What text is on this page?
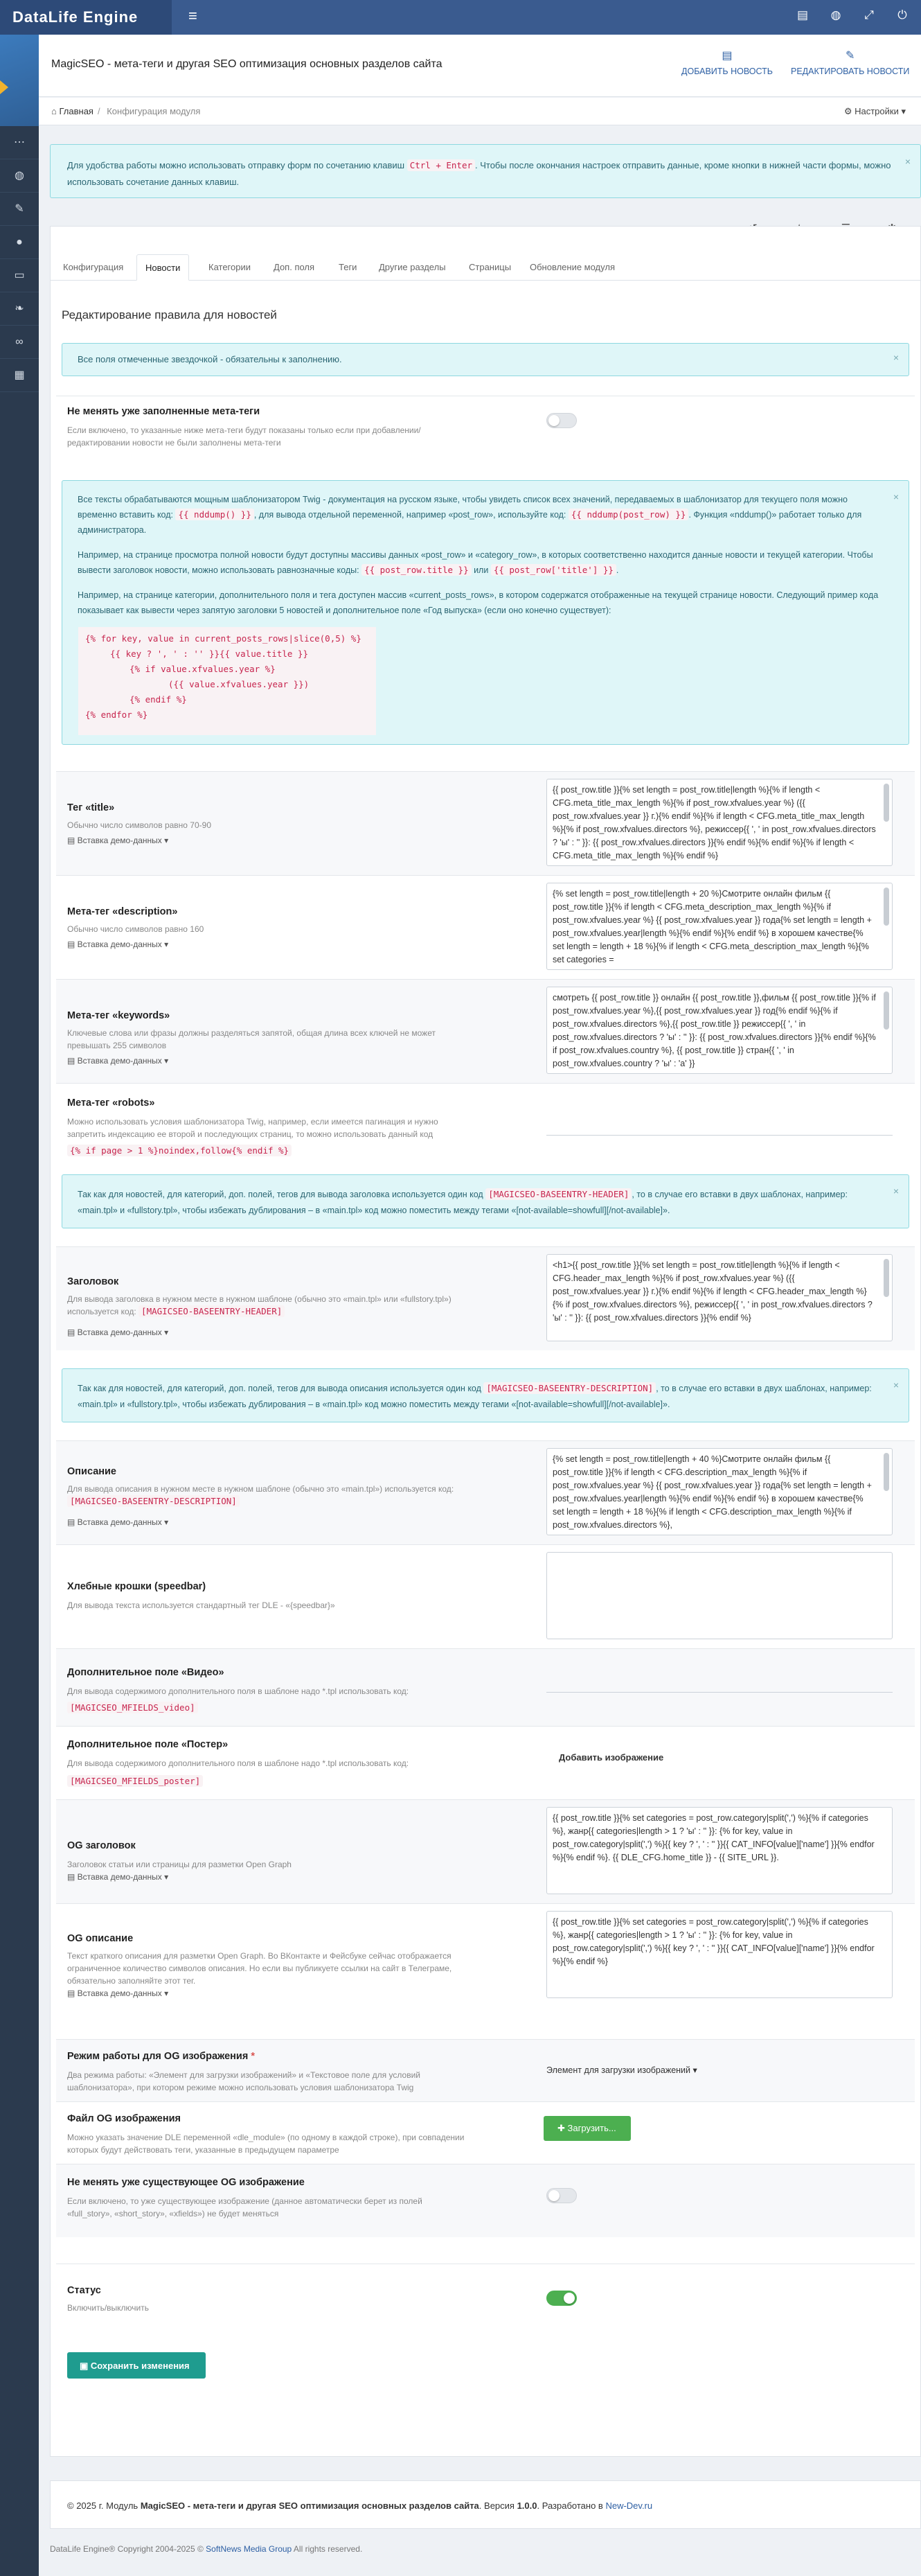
DataLife Engine	≡	▤ ◍ ⤢ ⏻
⋯
◍
✎
●
▭
❧
∞
▦
MagicSEO - мета-теги и другая SEO оптимизация основных разделов сайта
▤
ДОБАВИТЬ НОВОСТЬ
✎
РЕДАКТИРОВАТЬ НОВОСТИ
⌂ Главная / Конфигурация модуля	⚙ Настройки ▾
Для удобства работы можно использовать отправку форм по сочетанию клавиш Ctrl + Enter . Чтобы после окончания настроек отправить данные, кроме кнопки в нижней части формы, можно использовать сочетание данных клавиш.
×
Конфигурация	Новости	Категории	Доп. поля	Теги	Другие разделы	Страницы	Обновление модуля
Редактирование правила для новостей
Все поля отмеченные звездочкой - обязательны к заполнению.	×
Не менять уже заполненные мета-теги
Если включено, то указанные ниже мета-теги будут показаны только если при добавлении/редактировании новости не были заполнены мета-теги
×
Все тексты обрабатываются мощным шаблонизатором Twig - документация на русском языке, чтобы увидеть список всех значений, передаваемых в шаблонизатор для текущего поля можно временно вставить код: {{ nddump() }} , для вывода отдельной переменной, например «post_row», используйте код: {{ nddump(post_row) }} . Функция «nddump()» работает только для администратора.
Например, на странице просмотра полной новости будут доступны массивы данных «post_row» и «category_row», в которых соответственно находится данные новости и текущей категории. Чтобы вывести заголовок новости, можно использовать равнозначные коды: {{ post_row.title }} или {{ post_row['title'] }} .
Например, на странице категории, дополнительного поля и тега доступен массив «current_posts_rows», в котором содержатся отображенные на текущей странице новости. Следующий пример кода показывает как вывести через запятую заголовки 5 новостей и дополнительное поле «Год выпуска» (если оно конечно существует):
{% for key, value in current_posts_rows|slice(0,5) %}
{{ key ? ', ' : '' }}{{ value.title }}
{% if value.xfvalues.year %}
({{ value.xfvalues.year }})
{% endif %}
{% endfor %}
Тег «title»
Обычно число символов равно 70-90
▤ Вставка демо-данных ▾
{{ post_row.title }}{% set length = post_row.title|length %}{% if length < CFG.meta_title_max_length %}{% if post_row.xfvalues.year %} ({{ post_row.xfvalues.year }} г.){% endif %}{% if length < CFG.meta_title_max_length %}{% if post_row.xfvalues.directors %}, режиссер{{ ', ' in post_row.xfvalues.directors ? 'ы' : '' }}: {{ post_row.xfvalues.directors }}{% endif %}{% endif %}{% if length < CFG.meta_title_max_length %}{% endif %}
Мета-тег «description»
Обычно число символов равно 160
▤ Вставка демо-данных ▾
{% set length = post_row.title|length + 20 %}Смотрите онлайн фильм {{ post_row.title }}{% if length < CFG.meta_description_max_length %}{% if post_row.xfvalues.year %} {{ post_row.xfvalues.year }} года{% set length = length + post_row.xfvalues.year|length %}{% endif %}{% endif %} в хорошем качестве{% set length = length + 18 %}{% if length < CFG.meta_description_max_length %}{% set categories =
Мета-тег «keywords»
Ключевые слова или фразы должны разделяться запятой, общая длина всех ключей не может превышать 255 символов
▤ Вставка демо-данных ▾
смотреть {{ post_row.title }} онлайн {{ post_row.title }},фильм {{ post_row.title }}{% if post_row.xfvalues.year %},{{ post_row.xfvalues.year }} год{% endif %}{% if post_row.xfvalues.directors %},{{ post_row.title }} режиссер{{ ', ' in post_row.xfvalues.directors ? 'ы' : '' }}: {{ post_row.xfvalues.directors }}{% endif %}{% if post_row.xfvalues.country %}, {{ post_row.title }} стран{{ ', ' in post_row.xfvalues.country ? 'ы' : 'а' }}
Мета-тег «robots»
Можно использовать условия шаблонизатора Twig, например, если имеется пагинация и нужно запретить индексацию ее второй и последующих страниц, то можно использовать данный код
{% if page > 1 %}noindex,follow{% endif %}
Так как для новостей, для категорий, доп. полей, тегов для вывода заголовка используется один код [MAGICSEO-BASEENTRY-HEADER] , то в случае его вставки в двух шаблонах, например: «main.tpl» и «fullstory.tpl», чтобы избежать дублирования – в «main.tpl» код можно поместить между тегами «[not-available=showfull][/not-available]».
×
Заголовок
Для вывода заголовка в нужном месте в нужном шаблоне (обычно это «main.tpl» или «fullstory.tpl») используется код: [MAGICSEO-BASEENTRY-HEADER]
▤ Вставка демо-данных ▾
<h1>{{ post_row.title }}{% set length = post_row.title|length %}{% if length < CFG.header_max_length %}{% if post_row.xfvalues.year %} ({{ post_row.xfvalues.year }} г.){% endif %}{% if length < CFG.header_max_length %}{% if post_row.xfvalues.directors %}, режиссер{{ ', ' in post_row.xfvalues.directors ? 'ы' : '' }}: {{ post_row.xfvalues.directors }}{% endif %}
Так как для новостей, для категорий, доп. полей, тегов для вывода описания используется один код [MAGICSEO-BASEENTRY-DESCRIPTION] , то в случае его вставки в двух шаблонах, например: «main.tpl» и «fullstory.tpl», чтобы избежать дублирования – в «main.tpl» код можно поместить между тегами «[not-available=showfull][/not-available]».
×
Описание
Для вывода описания в нужном месте в нужном шаблоне (обычно это «main.tpl») используется код: [MAGICSEO-BASEENTRY-DESCRIPTION]
▤ Вставка демо-данных ▾
{% set length = post_row.title|length + 40 %}Смотрите онлайн фильм {{ post_row.title }}{% if length < CFG.description_max_length %}{% if post_row.xfvalues.year %} {{ post_row.xfvalues.year }} года{% set length = length + post_row.xfvalues.year|length %}{% endif %}{% endif %} в хорошем качестве{% set length = length + 18 %}{% if length < CFG.description_max_length %}{% if post_row.xfvalues.directors %},
Хлебные крошки (speedbar)
Для вывода текста используется стандартный тег DLE - «{speedbar}»
Дополнительное поле «Видео»
Для вывода содержимого дополнительного поля в шаблоне надо *.tpl использовать код:
[MAGICSEO_MFIELDS_video]
Дополнительное поле «Постер»
Для вывода содержимого дополнительного поля в шаблоне надо *.tpl использовать код:
[MAGICSEO_MFIELDS_poster]
Добавить изображение
OG заголовок
Заголовок статьи или страницы для разметки Open Graph
▤ Вставка демо-данных ▾
{{ post_row.title }}{% set categories = post_row.category|split(',') %}{% if categories %}, жанр{{ categories|length > 1 ? 'ы' : '' }}: {% for key, value in post_row.category|split(',') %}{{ key ? ', ' : '' }}{{ CAT_INFO[value]['name'] }}{% endfor %}{% endif %}. {{ DLE_CFG.home_title }} - {{ SITE_URL }}.
OG описание
Текст краткого описания для разметки Open Graph. Во ВКонтакте и Фейсбуке сейчас отображается ограниченное количество символов описания. Но если вы публикуете ссылки на сайт в Телеграме, обязательно заполняйте этот тег.
▤ Вставка демо-данных ▾
{{ post_row.title }}{% set categories = post_row.category|split(',') %}{% if categories %}, жанр{{ categories|length > 1 ? 'ы' : '' }}: {% for key, value in post_row.category|split(',') %}{{ key ? ', ' : '' }}{{ CAT_INFO[value]['name'] }}{% endfor %}{% endif %}
Режим работы для OG изображения *
Два режима работы: «Элемент для загрузки изображений» и «Текстовое поле для условий шаблонизатора», при котором режиме можно использовать условия шаблонизатора Twig
Элемент для загрузки изображений ▾
Файл OG изображения
Можно указать значение DLE переменной «dle_module» (по одному в каждой строке), при совпадении которых будут действовать теги, указанные в предыдущем параметре
✚ Загрузить...
Не менять уже существующее OG изображение
Если включено, то уже существующее изображение (данное автоматически берет из полей «full_story», «short_story», «xfields») не будет меняться
Статус
Включить/выключить
▣ Сохранить изменения
© 2025 г. Модуль MagicSEO - мета-теги и другая SEO оптимизация основных разделов сайта. Версия 1.0.0. Разработано в New-Dev.ru
DataLife Engine® Copyright 2004-2025 © SoftNews Media Group All rights reserved.
